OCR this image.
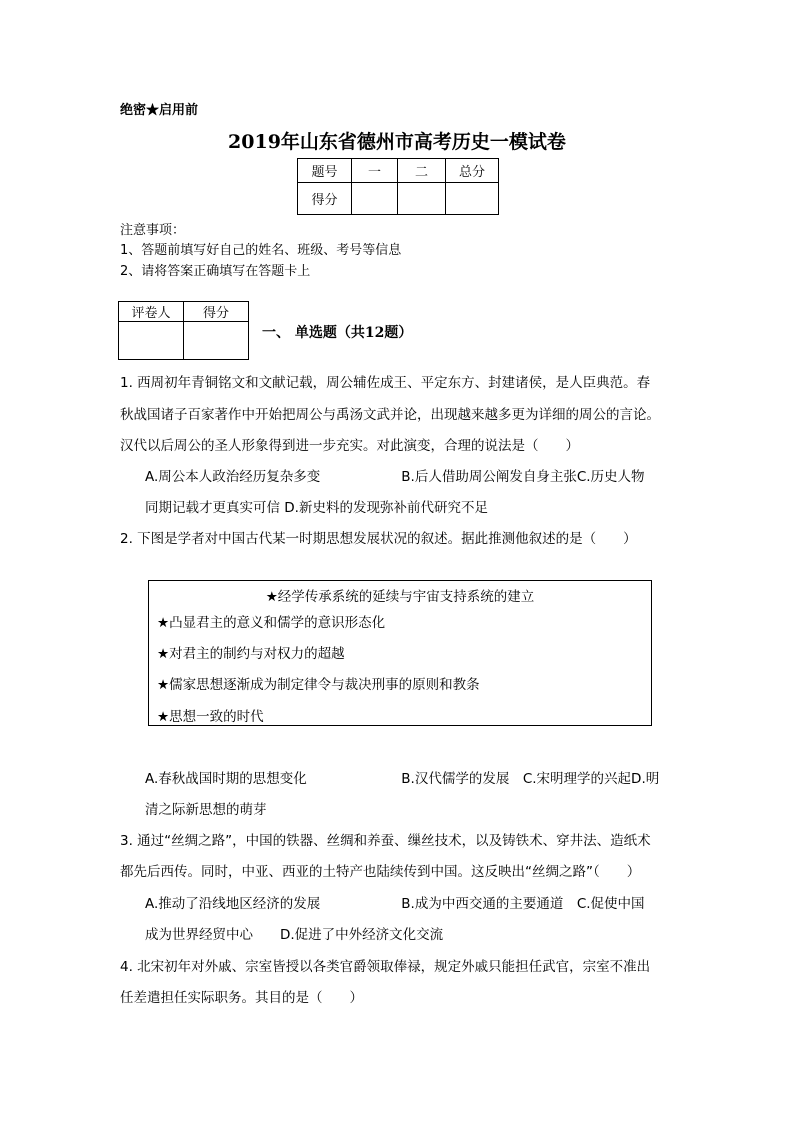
绝密★启用前
2019年山东省德州市高考历史一模试卷
题号	一	二	总分
得分			
注意事项：
1、答题前填写好自己的姓名、班级、考号等信息
2、请将答案正确填写在答题卡上
评卷人	得分

一、 单选题（共12题）
1. 西周初年青铜铭文和文献记载，周公辅佐成王、平定东方、封建诸侯，是人臣典范。春
秋战国诸子百家著作中开始把周公与禹汤文武并论，出现越来越多更为详细的周公的言论。
汉代以后周公的圣人形象得到进一步充实。对此演变，合理的说法是（　　）
A.周公本人政治经历复杂多变　　　　　　B.后人借助周公阐发自身主张C.历史人物
同期记载才更真实可信 D.新史料的发现弥补前代研究不足
2. 下图是学者对中国古代某一时期思想发展状况的叙述。据此推测他叙述的是（　　）
★经学传承系统的延续与宇宙支持系统的建立
★凸显君主的意义和儒学的意识形态化
★对君主的制约与对权力的超越
★儒家思想逐渐成为制定律令与裁决刑事的原则和教条
★思想一致的时代
A.春秋战国时期的思想变化　　　　　　　B.汉代儒学的发展　C.宋明理学的兴起D.明
清之际新思想的萌芽
3. 通过“丝绸之路”，中国的铁器、丝绸和养蚕、缫丝技术，以及铸铁术、穿井法、造纸术
都先后西传。同时，中亚、西亚的土特产也陆续传到中国。这反映出“丝绸之路”（　　）
A.推动了沿线地区经济的发展　　　　　　B.成为中西交通的主要通道　C.促使中国
成为世界经贸中心　　D.促进了中外经济文化交流
4. 北宋初年对外戚、宗室皆授以各类官爵领取俸禄，规定外戚只能担任武官，宗室不准出
任差遣担任实际职务。其目的是（　　）
